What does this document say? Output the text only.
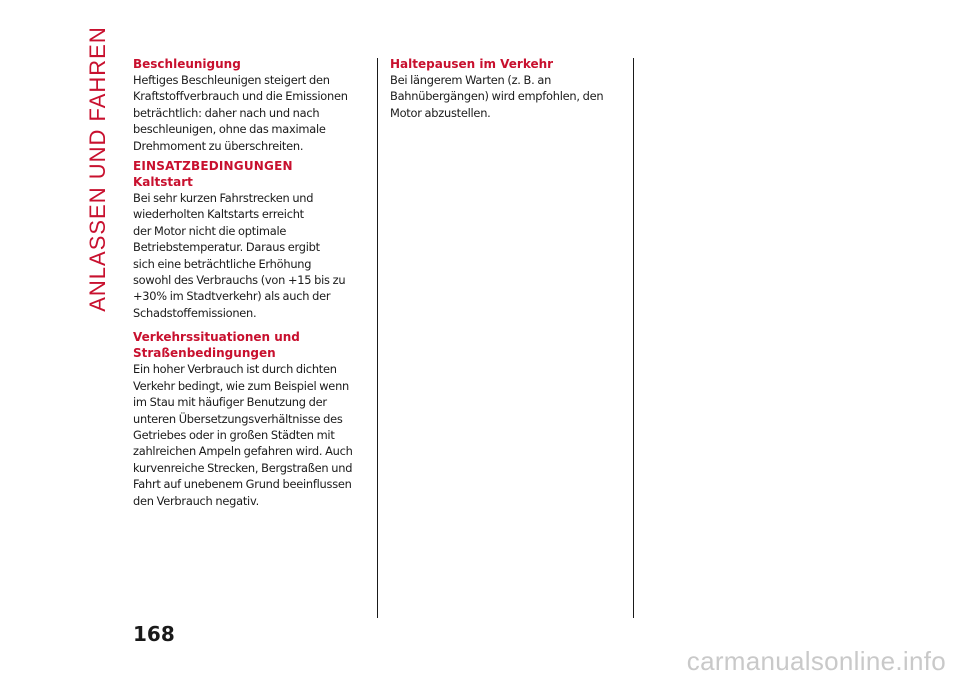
ANLASSEN UND FAHREN Beschleunigung

Heftiges Beschleunigen steigert den

Kraftstoffverbrauch und die Emissionen

beträchtlich: daher nach und nach

beschleunigen, ohne das maximale

Drehmoment zu überschreiten.

EINSATZBEDINGUNGEN
Kaltstart

Bei sehr kurzen Fahrstrecken und

wiederholten Kaltstarts erreicht

der Motor nicht die optimale

Betriebstemperatur. Daraus ergibt

sich eine beträchtliche Erhöhung

sowohl des Verbrauchs (von +15 bis zu

+30% im Stadtverkehr) als auch der

Schadstoffemissionen.

Verkehrssituationen und
Straßenbedingungen

Ein hoher Verbrauch ist durch dichten

Verkehr bedingt, wie zum Beispiel wenn

im Stau mit häufiger Benutzung der

unteren Übersetzungsverhältnisse des

Getriebes oder in großen Städten mit

zahlreichen Ampeln gefahren wird. Auch

kurvenreiche Strecken, Bergstraßen und

Fahrt auf unebenem Grund beeinflussen

den Verbrauch negativ.

Haltepausen im Verkehr

Bei längerem Warten (z. B. an

Bahnübergängen) wird empfohlen, den

Motor abzustellen.

168
carmanualsonline.info
